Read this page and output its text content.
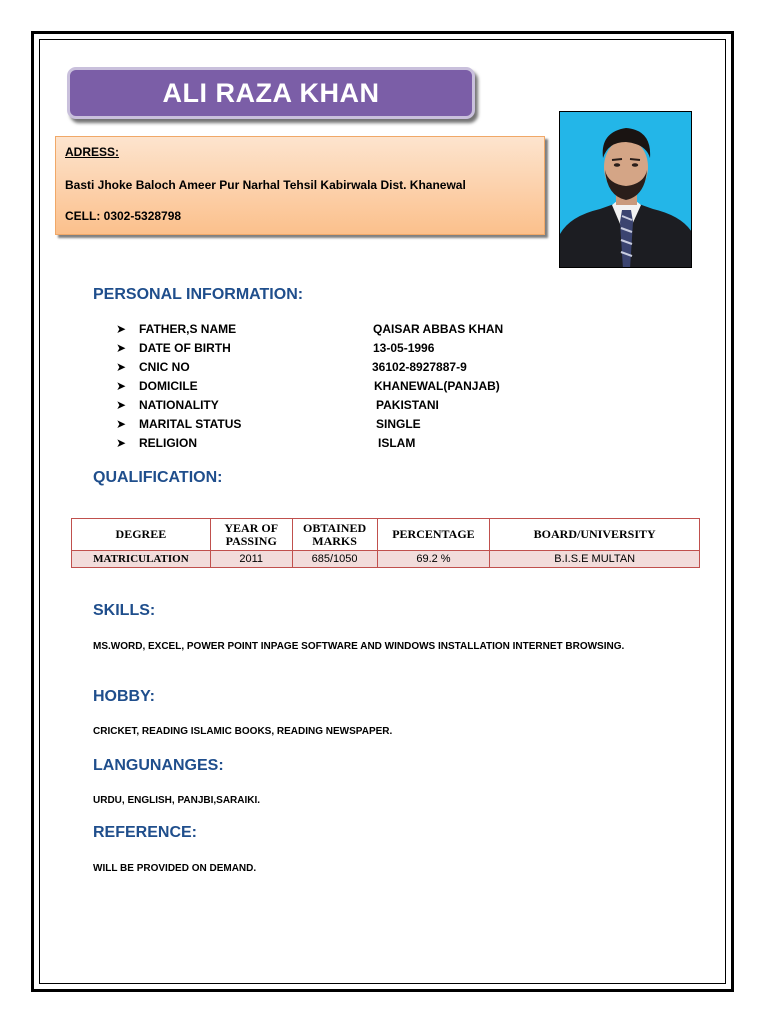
ALI RAZA KHAN
ADRESS:
Basti Jhoke Baloch Ameer Pur Narhal Tehsil Kabirwala Dist. Khanewal
CELL: 0302-5328798
PERSONAL INFORMATION:
➤ FATHER,S NAME	QAISAR ABBAS KHAN
➤ DATE OF BIRTH	13-05-1996
➤ CNIC NO	36102-8927887-9
➤ DOMICILE	KHANEWAL(PANJAB)
➤ NATIONALITY	PAKISTANI
➤ MARITAL STATUS	SINGLE
➤ RELIGION	ISLAM
QUALIFICATION:
DEGREE	YEAR OF PASSING	OBTAINED MARKS	PERCENTAGE	BOARD/UNIVERSITY
MATRICULATION	2011	685/1050	69.2 %	B.I.S.E MULTAN
SKILLS:
MS.WORD, EXCEL, POWER POINT INPAGE SOFTWARE AND WINDOWS INSTALLATION INTERNET BROWSING.
HOBBY:
CRICKET, READING ISLAMIC BOOKS, READING NEWSPAPER.
LANGUNANGES:
URDU, ENGLISH, PANJBI,SARAIKI.
REFERENCE:
WILL BE PROVIDED ON DEMAND.
